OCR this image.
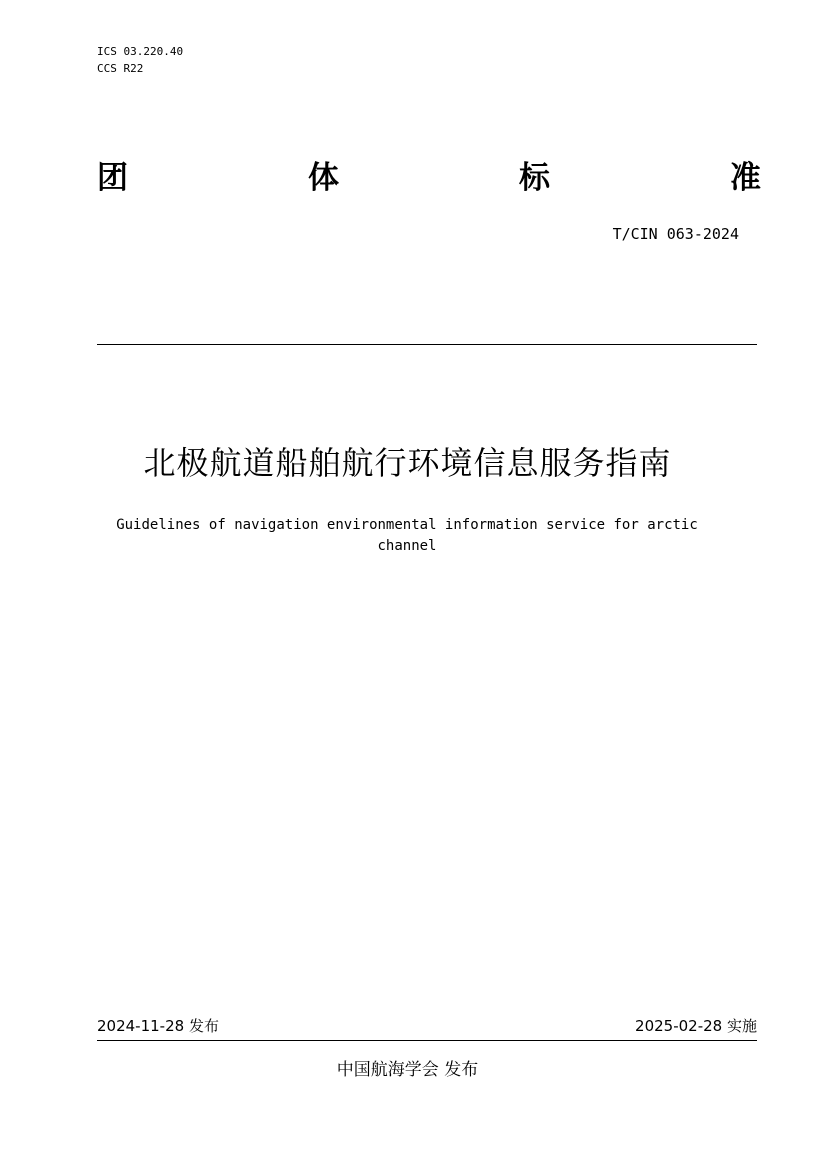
ICS 03.220.40
CCS R22
团	体	标	准
T/CIN 063-2024
北极航道船舶航行环境信息服务指南
Guidelines of navigation environmental information service for arctic channel
2024-11-28 发布	2025-02-28 实施
中国航海学会 发布
